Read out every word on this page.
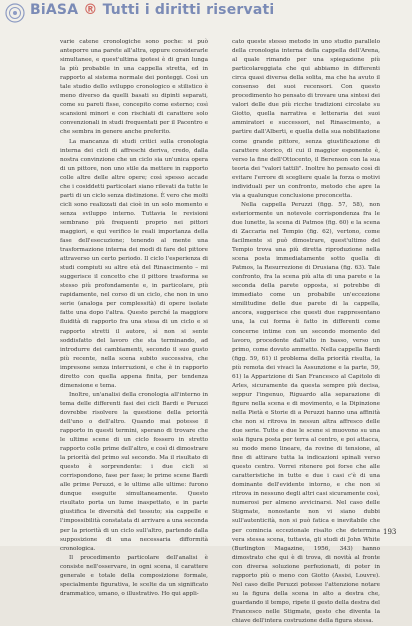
BiASA ® Tutti i diritti riservati

varie catene cronologiche sono poche: si può anteporre una parete all'altra, oppure considerarle simultanee, e quest'ultima ipotesi è di gran lunga la più probabile in una cappella stretta, ed in rapporto al sistema normale dei ponteggi. Così un tale studio dello sviluppo cronologico e stilistico è meno diverso da quelli basati su dipinti separati, come su pareti fisse, concepito come esterno; così scansioni minori e con rischiati di carattere solo convenzionali in studi frequentati per il Pacentro e che sembra in genere anche preferito.

La mancanza di studi critici sulla cronologia interna dei cicli di affreschi deriva, credo, dalla nostra convinzione che un ciclo sia un'unica opera di un pittore, non uno stile da mettere in rapporto colle altre delle altre opere; così spesso accade che i cosiddetti particolari siano rilevati da tutte le parti di un ciclo senza distinzione. È vero che molti cicli sono realizzati dai cioè in un solo momento e senza sviluppo interno. Tuttavia le revisioni sembrano più frequenti proprio nei pittori maggiori, e qui verifico le reali importanza della fase dell'esecuzione; tenendo al mente una trasformazione interna dei modi di fare del pittore attraverso un certo periodo. Il ciclo l'esperienza di studi compiuti su altre età del Rinascimento – mi suggerisce il concetto che il pittore trasforma se stesso più profondamente e, in particolare, più rapidamente, nel corso di un ciclo, che non in uno serie (analoga per complessità) di opere isolate fatte una dopo l'altra. Questo perché la maggiore fluidità di rapporto fra una stesa di un ciclo e si rapporto stretti il autore, sì non si sente soddisfatto del lavoro che sta terminando, ad introdurre dei cambiamenti, secondo il suo gusto più recente, nella scena subito successiva, che impresone senza interruzioni, e che è in rapporto diretto con quella appena finita, per tendenza dimensione e tema.

Inoltre, un'analisi della cronologia all'interno in tema delle differenti fasi dei cicli Bardi e Peruzzi dovrebbe risolvere la questione della priorità dell'uno o dell'altro. Quando mai potesse il rapporto in questi termini, sperano di trovare che le ultime scene di un ciclo fossero in stretto rapporto colle prime dell'altro, e così di dimostrare la priorità del primo sul secondo. Ma il risultato di questo è sorprendente: i due cicli si corrispondono, fase per fase; le prime scene Bardi alle prime Peruzzi, e le ultime alle ultime: furono dunque eseguite simultaneamente. Questo risultato porta un lume inaspettato, e in parte giustifica le diversità del tessuto; sia cappelle e l'impossibilità constatata di arrivare a una seconda per la priorità di un ciclo sull'altro, partendo dalla supposizione di una necessaria difformità cronologica.

Il procedimento particolare dell'analisi è consiste nell'osservare, in ogni scena, il carattere generale e totale della composizione formale, specialmente figurativa, le scelte da un significato drammatico, umano, o illustrativo. Ho qui appli-

cato queste stesso metodo in uno studio parallelo della cronologia interna della cappella dell'Arena, al quale rimando per una spiegazione più particolareggiata che qui abbiamo in differenti circa quasi diversa della solita, ma che ha avuto il consenso dei suoi recensori. Con questo procedimento ho pensato di trovare una sintesi dei valori delle due più ricche tradizioni circolate su Giotto, quella narrativa e letteraria dei suoi ammiratori e successori, nel Rinascimento, a partire dall'Alberti, e quella della sua nobilitazione come grande pittore, senza giustificazione di carattere storico, di cui il maggior esponente è, verso la fine dell'Ottocento, il Berenson con la sua teoria dei "valori tattili". Inoltre ho pensato così di evitare l'errore di scegliere quale la forza o motivi individuali per un confronto, metodo che apre la via a qualunque conclusione preconcetta.

Nella cappella Peruzzi (figg. 57, 58), non esteriormente un notevole corrispondenza fra le due lunette, la scena di Patmos (fig. 60) e la scena di Zaccaria nel Tempio (fig. 62), vertono, come facilmente si può dimostrare, quest'ultimo del Tempio trova una più diretta riproduzione nella scena posta immediatamente sotto quella di Patmos, la Resurrezione di Drusiana (fig. 63). Tale confronto, fra la scena più alta di una parete e la seconda della parete opposta, si potrebbe di immediato come un probabile un'eccezione similitudine delle due parete di la cappella, ancora, suggerisce che questi due rappresentano una, la cui forma è fatto in differenti come concerne intime con un secondo momento del lavoro, procedente dall'alto in basso, verso un primo, come dovuto ammetto. Nella cappella Bardi (figg. 59, 61) il problema della priorità risulta, la più remota dei vivaci la Assunzione e la parte, 59, 61) la Apparizione di San Francesco al Capitolo di Arles, sicuramente da questa sempre più decisa, seppur l'ingenuo, Riguardo alla separazione di figure nella scena e di movimento, e la Dipinzione nella Pietà e Storie di a Peruzzi hanno una affinità che non si ritrova in nessun altra affresco delle due serie. Tutte e due le scene si muovono su una sola figura posta per terra al centro, e poi attacca, su modo meno lineare, da rovine di tensione, al fine di attirare tutta la indicazioni spinali verso questo centro. Vorrei ritenere poi forse che alle caratteristiche in tutte e due i casi c'è di una dominante dell'evidente intorno, e che non si ritrova in nessuno degli altri casi sicuramente così, numerosi per almeno avvicinarsi. Nel caso delle Stigmate, nonostante non vi siano dubbi sull'autenticità, non si può fatica e inevitabile che per comincia eccezionale risalto che determina vera stessa scena, tuttavia, gli studi di John White (Burlington Magazine, 1956, 343) hanno dimostrato che qui è di trova, di novità al fronte con diversa soluzione perfezionati, di poter in rapporto più o meno con Giotto (Assisi, Louvre). Nel caso delle Peruzzi potesse l'attenzione notare su la figura della scena in alto a destra che, guardando il tempo, ripete il gesto della destra del Francesco nelle Stigmate, gesto che diventa la chiave dell'intera costruzione della figura stessa.

193
